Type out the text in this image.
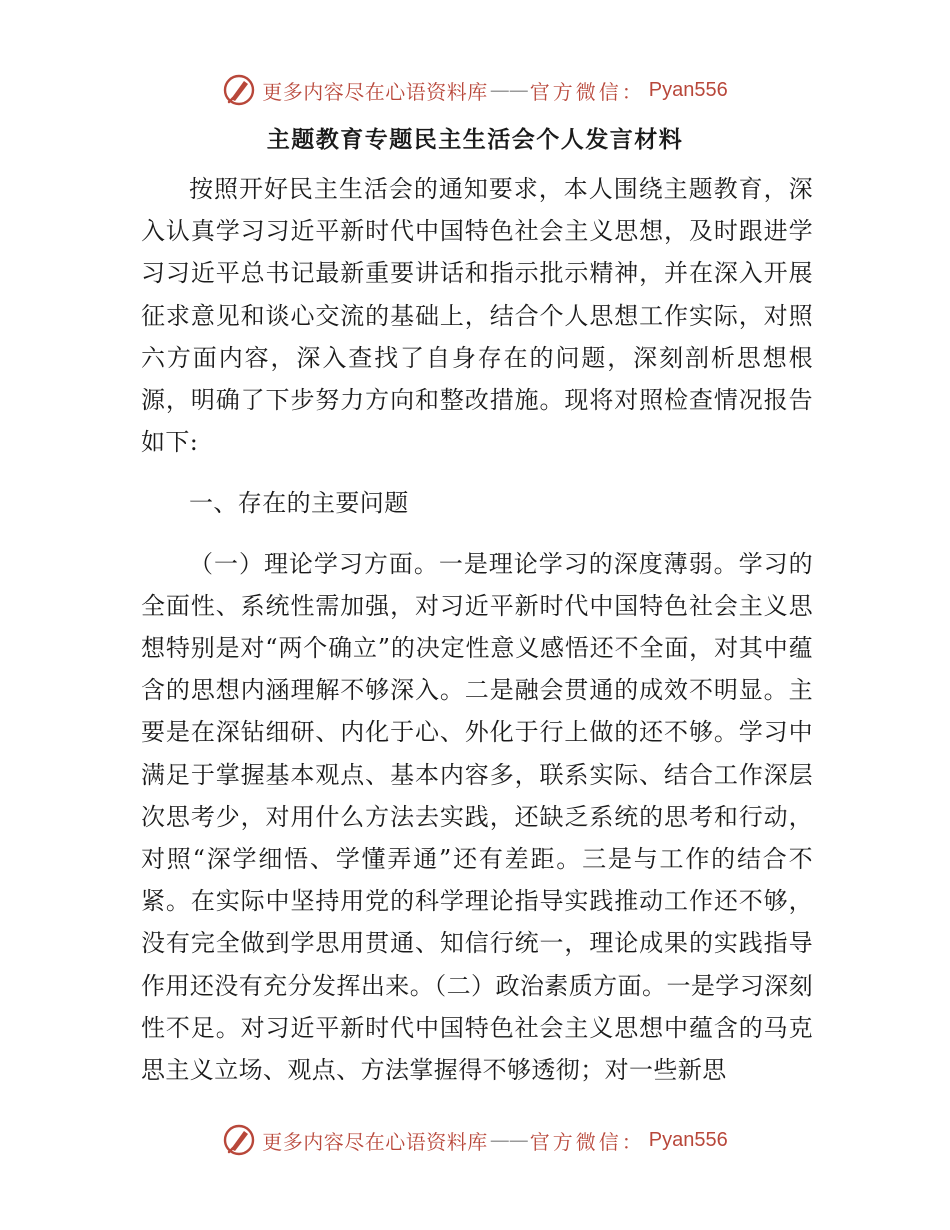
更多内容尽在心语资料库 —— 官方微信： Pyan556
主题教育专题民主生活会个人发言材料

按照开好民主生活会的通知要求，本人围绕主题教育，深入认真学习习近平新时代中国特色社会主义思想，及时跟进学习习近平总书记最新重要讲话和指示批示精神，并在深入开展征求意见和谈心交流的基础上，结合个人思想工作实际，对照六方面内容，深入查找了自身存在的问题，深刻剖析思想根源，明确了下步努力方向和整改措施。现将对照检查情况报告如下:

一、存在的主要问题

（一）理论学习方面。一是理论学习的深度薄弱。学习的全面性、系统性需加强，对习近平新时代中国特色社会主义思想特别是对“两个确立”的决定性意义感悟还不全面，对其中蕴含的思想内涵理解不够深入。二是融会贯通的成效不明显。主要是在深钻细研、内化于心、外化于行上做的还不够。学习中满足于掌握基本观点、基本内容多，联系实际、结合工作深层次思考少，对用什么方法去实践，还缺乏系统的思考和行动，对照“深学细悟、学懂弄通”还有差距。三是与工作的结合不紧。在实际中坚持用党的科学理论指导实践推动工作还不够，没有完全做到学思用贯通、知信行统一，理论成果的实践指导作用还没有充分发挥出来。（二）政治素质方面。一是学习深刻性不足。对习近平新时代中国特色社会主义思想中蕴含的马克思主义立场、观点、方法掌握得不够透彻；对一些新思

更多内容尽在心语资料库 —— 官方微信： Pyan556
